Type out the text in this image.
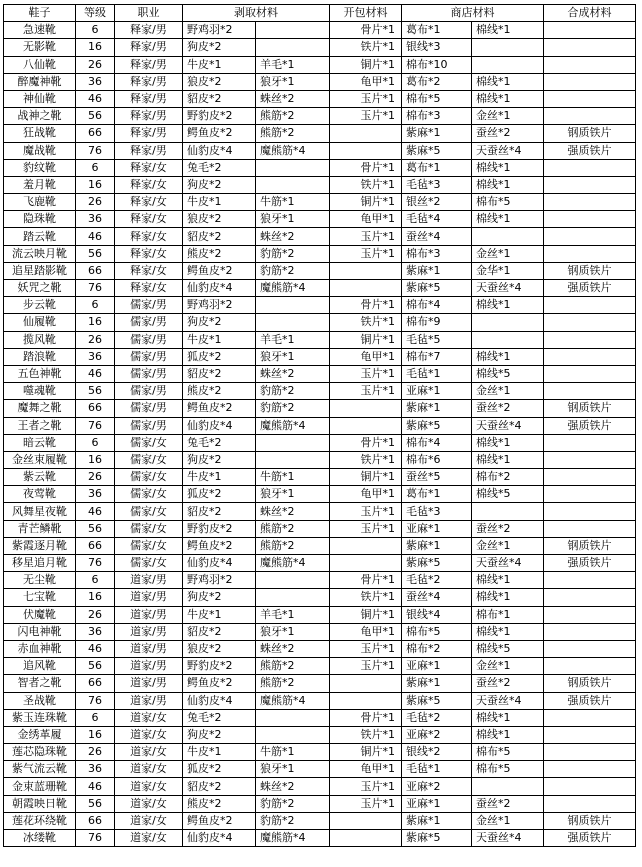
鞋子	等级	职业	剥取材料		开包材料	商店材料		合成材料
急速靴	6	释家/男	野鸡羽*2		骨片*1	葛布*1	棉线*1	
无影靴	16	释家/男	狗皮*2		铁片*1	银线*3		
八仙靴	26	释家/男	牛皮*1	羊毛*1	铜片*1	棉布*10		
醉魔神靴	36	释家/男	狼皮*2	狼牙*1	龟甲*1	葛布*2	棉线*1	
神仙靴	46	释家/男	貂皮*2	蛛丝*2	玉片*1	棉布*5	棉线*1	
战神之靴	56	释家/男	野豹皮*2	熊筋*2	玉片*1	棉布*3	金丝*1	
狂战靴	66	释家/男	鳄鱼皮*2	熊筋*2		紫麻*1	蚕丝*2	钢质铁片
魔战靴	76	释家/男	仙豹皮*4	魔熊筋*4		紫麻*5	天蚕丝*4	强质铁片
豹纹靴	6	释家/女	兔毛*2		骨片*1	葛布*1	棉线*1	
羞月靴	16	释家/女	狗皮*2		铁片*1	毛毡*3	棉线*1	
飞鹿靴	26	释家/女	牛皮*1	牛筋*1	铜片*1	银丝*2	棉布*5	
隐珠靴	36	释家/女	狼皮*2	狼牙*1	龟甲*1	毛毡*4	棉线*1	
踏云靴	46	释家/女	貂皮*2	蛛丝*2	玉片*1	蚕丝*4		
流云映月靴	56	释家/女	熊皮*2	豹筋*2	玉片*1	棉布*3	金丝*1	
追星踏影靴	66	释家/女	鳄鱼皮*2	豹筋*2		紫麻*1	金华*1	钢质铁片
妖咒之靴	76	释家/女	仙豹皮*4	魔熊筋*4		紫麻*5	天蚕丝*4	强质铁片
步云靴	6	儒家/男	野鸡羽*2		骨片*1	棉布*4	棉线*1	
仙履靴	16	儒家/男	狗皮*2		铁片*1	棉布*9		
揽风靴	26	儒家/男	牛皮*1	羊毛*1	铜片*1	毛毡*5		
踏浪靴	36	儒家/男	狐皮*2	狼牙*1	龟甲*1	棉布*7	棉线*1	
五色神靴	46	儒家/男	貂皮*2	蛛丝*2	玉片*1	毛毡*1	棉线*5	
噬魂靴	56	儒家/男	熊皮*2	豹筋*2	玉片*1	亚麻*1	金丝*1	
魔舞之靴	66	儒家/男	鳄鱼皮*2	豹筋*2		紫麻*1	蚕丝*2	钢质铁片
王者之靴	76	儒家/男	仙豹皮*4	魔熊筋*4		紫麻*5	天蚕丝*4	强质铁片
暗云靴	6	儒家/女	兔毛*2		骨片*1	棉布*4	棉线*1	
金丝束履靴	16	儒家/女	狗皮*2		铁片*1	棉布*6	棉线*1	
紫云靴	26	儒家/女	牛皮*1	牛筋*1	铜片*1	蚕丝*5	棉布*2	
夜莺靴	36	儒家/女	狐皮*2	狼牙*1	龟甲*1	葛布*1	棉线*5	
风舞星夜靴	46	儒家/女	貂皮*2	蛛丝*2	玉片*1	毛毡*3		
青芒鳞靴	56	儒家/女	野豹皮*2	熊筋*2	玉片*1	亚麻*1	蚕丝*2	
紫霞逐月靴	66	儒家/女	鳄鱼皮*2	熊筋*2		紫麻*1	金丝*1	钢质铁片
移星追月靴	76	儒家/女	仙豹皮*4	魔熊筋*4		紫麻*5	天蚕丝*4	强质铁片
无尘靴	6	道家/男	野鸡羽*2		骨片*1	毛毡*2	棉线*1	
七宝靴	16	道家/男	狗皮*2		铁片*1	蚕丝*4	棉线*1	
伏魔靴	26	道家/男	牛皮*1	羊毛*1	铜片*1	银线*4	棉布*1	
闪电神靴	36	道家/男	貂皮*2	狼牙*1	龟甲*1	棉布*5	棉线*1	
赤血神靴	46	道家/男	狼皮*2	蛛丝*2	玉片*1	棉布*2	棉线*5	
追风靴	56	道家/男	野豹皮*2	熊筋*2	玉片*1	亚麻*1	金丝*1	
智者之靴	66	道家/男	鳄鱼皮*2	熊筋*2		紫麻*1	蚕丝*2	钢质铁片
圣战靴	76	道家/男	仙豹皮*4	魔熊筋*4		紫麻*5	天蚕丝*4	强质铁片
紫玉连珠靴	6	道家/女	兔毛*2		骨片*1	毛毡*2	棉线*1	
金绣革履	16	道家/女	狗皮*2		铁片*1	亚麻*2	棉线*1	
莲芯隐珠靴	26	道家/女	牛皮*1	牛筋*1	铜片*1	银线*2	棉布*5	
紫气流云靴	36	道家/女	狐皮*2	狼牙*1	龟甲*1	毛毡*1	棉布*5	
金束蓝珊靴	46	道家/女	貂皮*2	蛛丝*2	玉片*1	亚麻*2		
朝霞映日靴	56	道家/女	熊皮*2	豹筋*2	玉片*1	亚麻*1	蚕丝*2	
莲花环绕靴	66	道家/女	鳄鱼皮*2	豹筋*2		紫麻*1	金丝*1	钢质铁片
冰缕靴	76	道家/女	仙豹皮*4	魔熊筋*4		紫麻*5	天蚕丝*4	强质铁片
